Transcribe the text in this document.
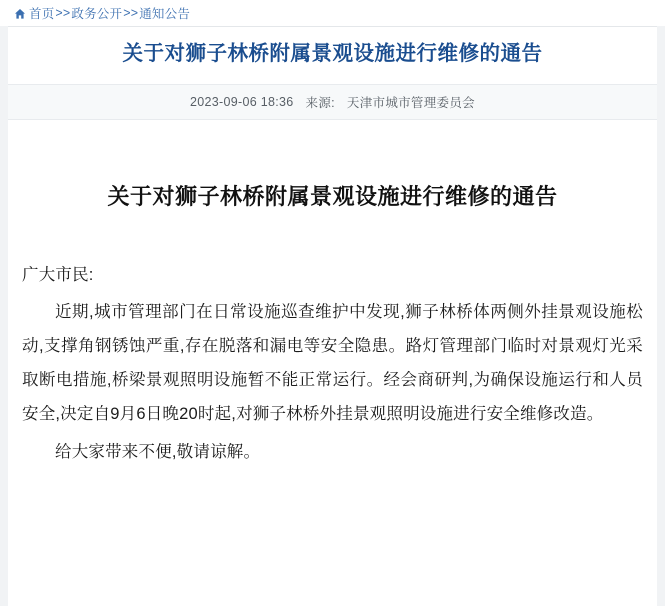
首页 >> 政务公开 >> 通知公告
关于对狮子林桥附属景观设施进行维修的通告
2023-09-06 18:36 来源: 天津市城市管理委员会
关于对狮子林桥附属景观设施进行维修的通告

广大市民:

近期,城市管理部门在日常设施巡查维护中发现,狮子林桥体两侧外挂景观设施松动,支撑角钢锈蚀严重,存在脱落和漏电等安全隐患。路灯管理部门临时对景观灯光采取断电措施,桥梁景观照明设施暂不能正常运行。经会商研判,为确保设施运行和人员安全,决定自9月6日晚20时起,对狮子林桥外挂景观照明设施进行安全维修改造。

给大家带来不便,敬请谅解。
